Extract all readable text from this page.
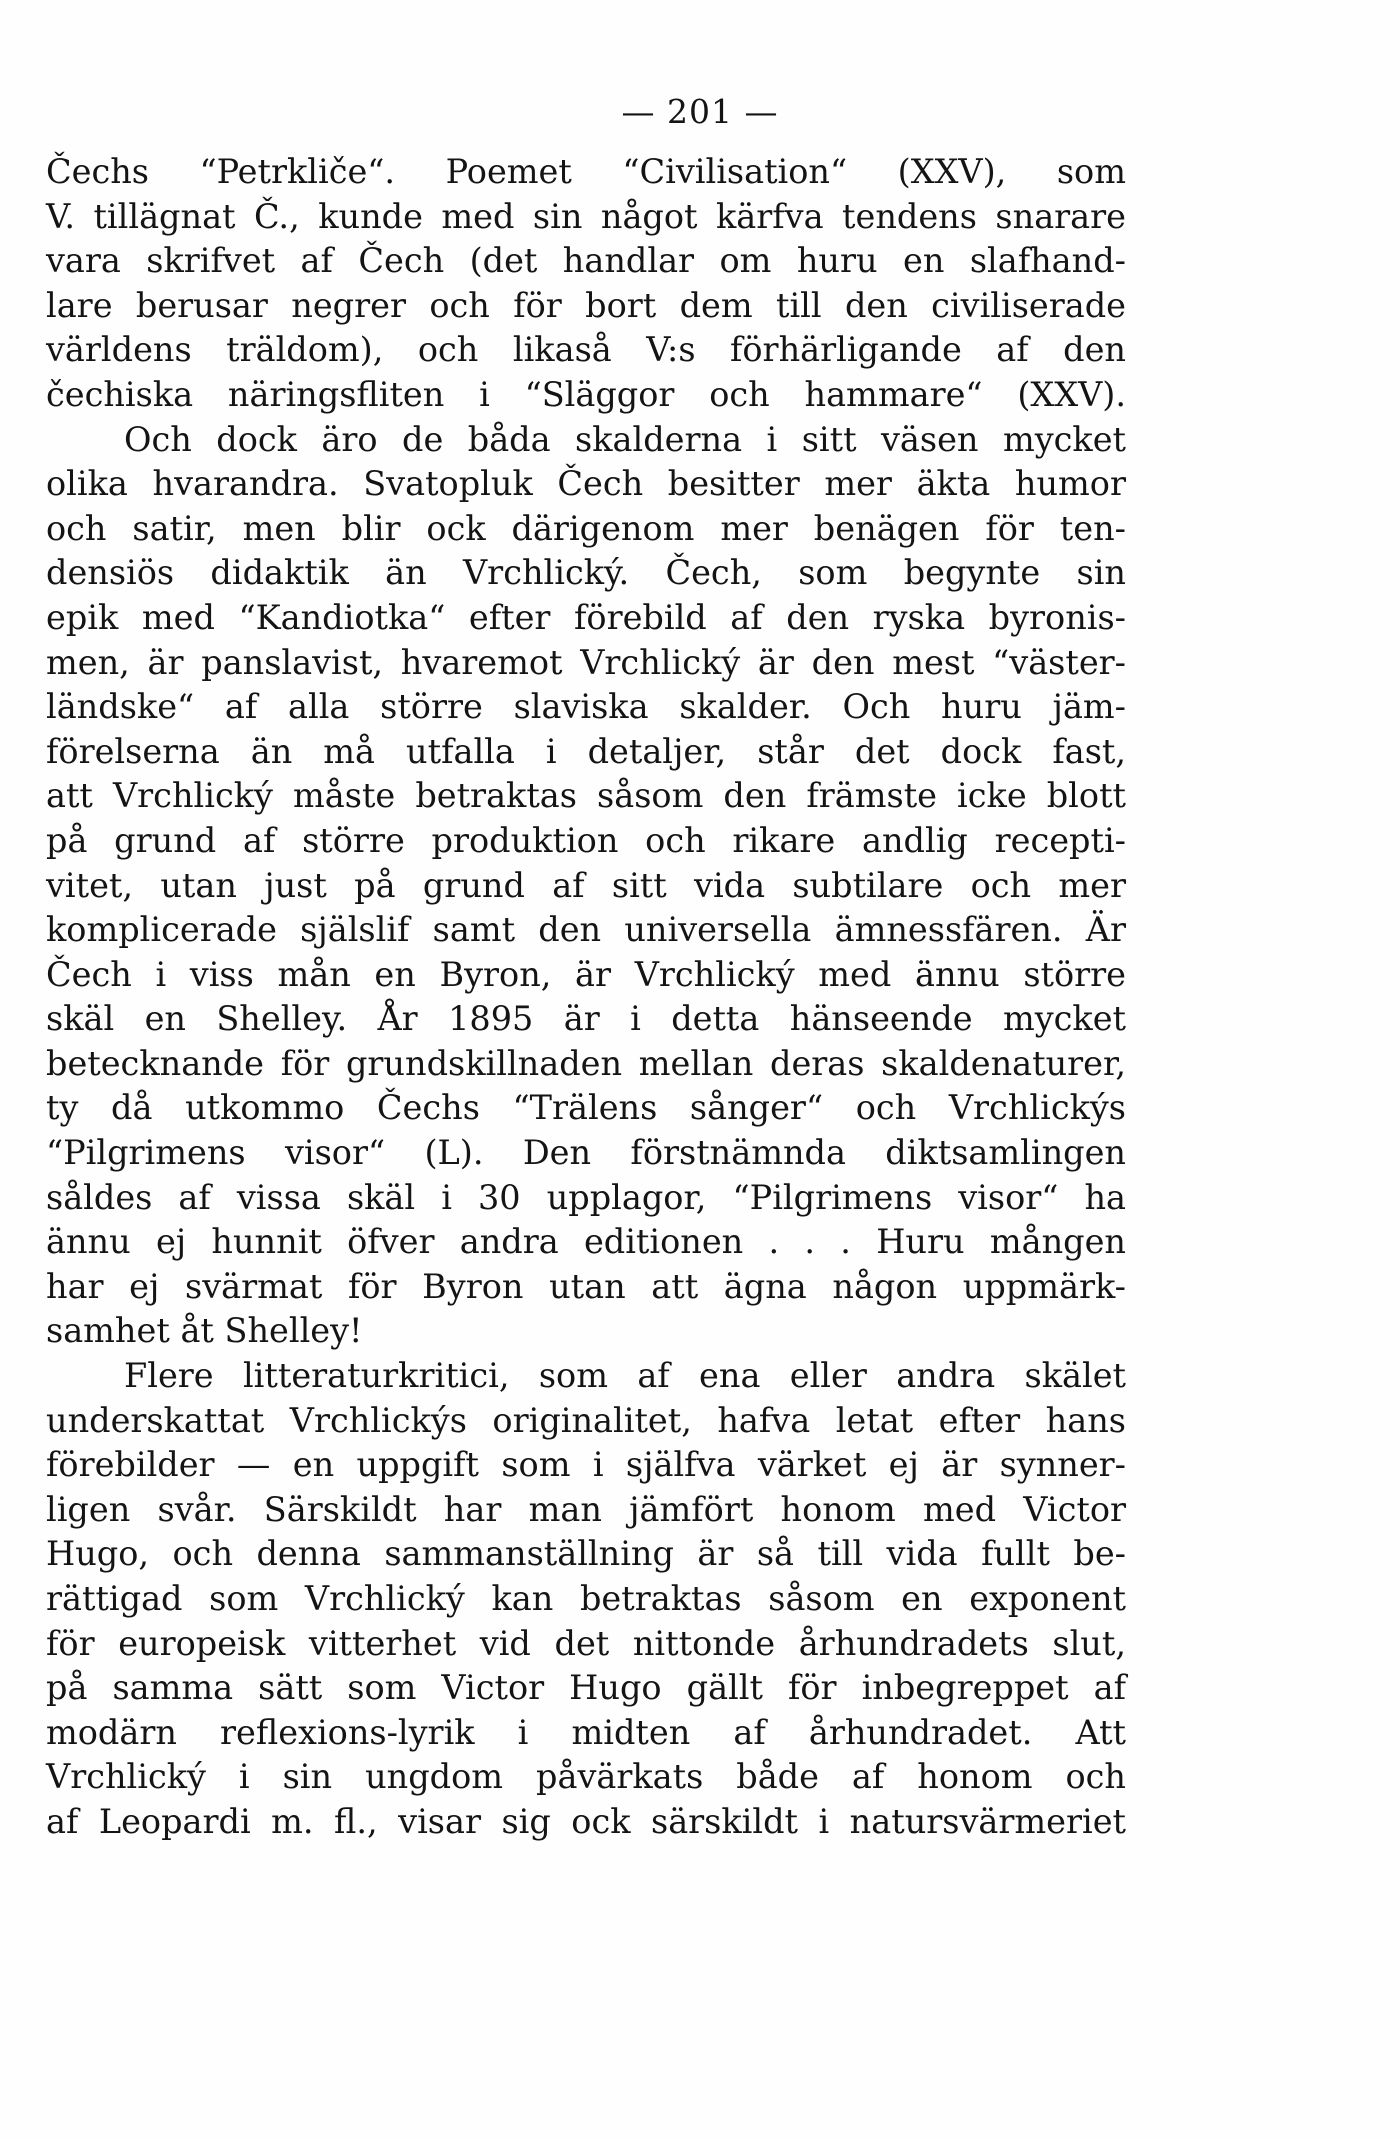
— 201 —
Čechs “Petrkliče“. Poemet “Civilisation“ (XXV), som
V. tillägnat Č., kunde med sin något kärfva tendens snarare
vara skrifvet af Čech (det handlar om huru en slafhand-
lare berusar negrer och för bort dem till den civiliserade
världens träldom), och likaså V:s förhärligande af den
čechiska näringsfliten i “Släggor och hammare“ (XXV).
Och dock äro de båda skalderna i sitt väsen mycket
olika hvarandra. Svatopluk Čech besitter mer äkta humor
och satir, men blir ock därigenom mer benägen för ten-
densiös didaktik än Vrchlický. Čech, som begynte sin
epik med “Kandiotka“ efter förebild af den ryska byronis-
men, är panslavist, hvaremot Vrchlický är den mest “väster-
ländske“ af alla större slaviska skalder. Och huru jäm-
förelserna än må utfalla i detaljer, står det dock fast,
att Vrchlický måste betraktas såsom den främste icke blott
på grund af större produktion och rikare andlig recepti-
vitet, utan just på grund af sitt vida subtilare och mer
komplicerade själslif samt den universella ämnessfären. Är
Čech i viss mån en Byron, är Vrchlický med ännu större
skäl en Shelley. År 1895 är i detta hänseende mycket
betecknande för grundskillnaden mellan deras skaldenaturer,
ty då utkommo Čechs “Trälens sånger“ och Vrchlickýs
“Pilgrimens visor“ (L). Den förstnämnda diktsamlingen
såldes af vissa skäl i 30 upplagor, “Pilgrimens visor“ ha
ännu ej hunnit öfver andra editionen . . . Huru mången
har ej svärmat för Byron utan att ägna någon uppmärk-
samhet åt Shelley!
Flere litteraturkritici, som af ena eller andra skälet
underskattat Vrchlickýs originalitet, hafva letat efter hans
förebilder — en uppgift som i själfva värket ej är synner-
ligen svår. Särskildt har man jämfört honom med Victor
Hugo, och denna sammanställning är så till vida fullt be-
rättigad som Vrchlický kan betraktas såsom en exponent
för europeisk vitterhet vid det nittonde århundradets slut,
på samma sätt som Victor Hugo gällt för inbegreppet af
modärn reflexions-lyrik i midten af århundradet. Att
Vrchlický i sin ungdom påvärkats både af honom och
af Leopardi m. fl., visar sig ock särskildt i natursvärmeriet
